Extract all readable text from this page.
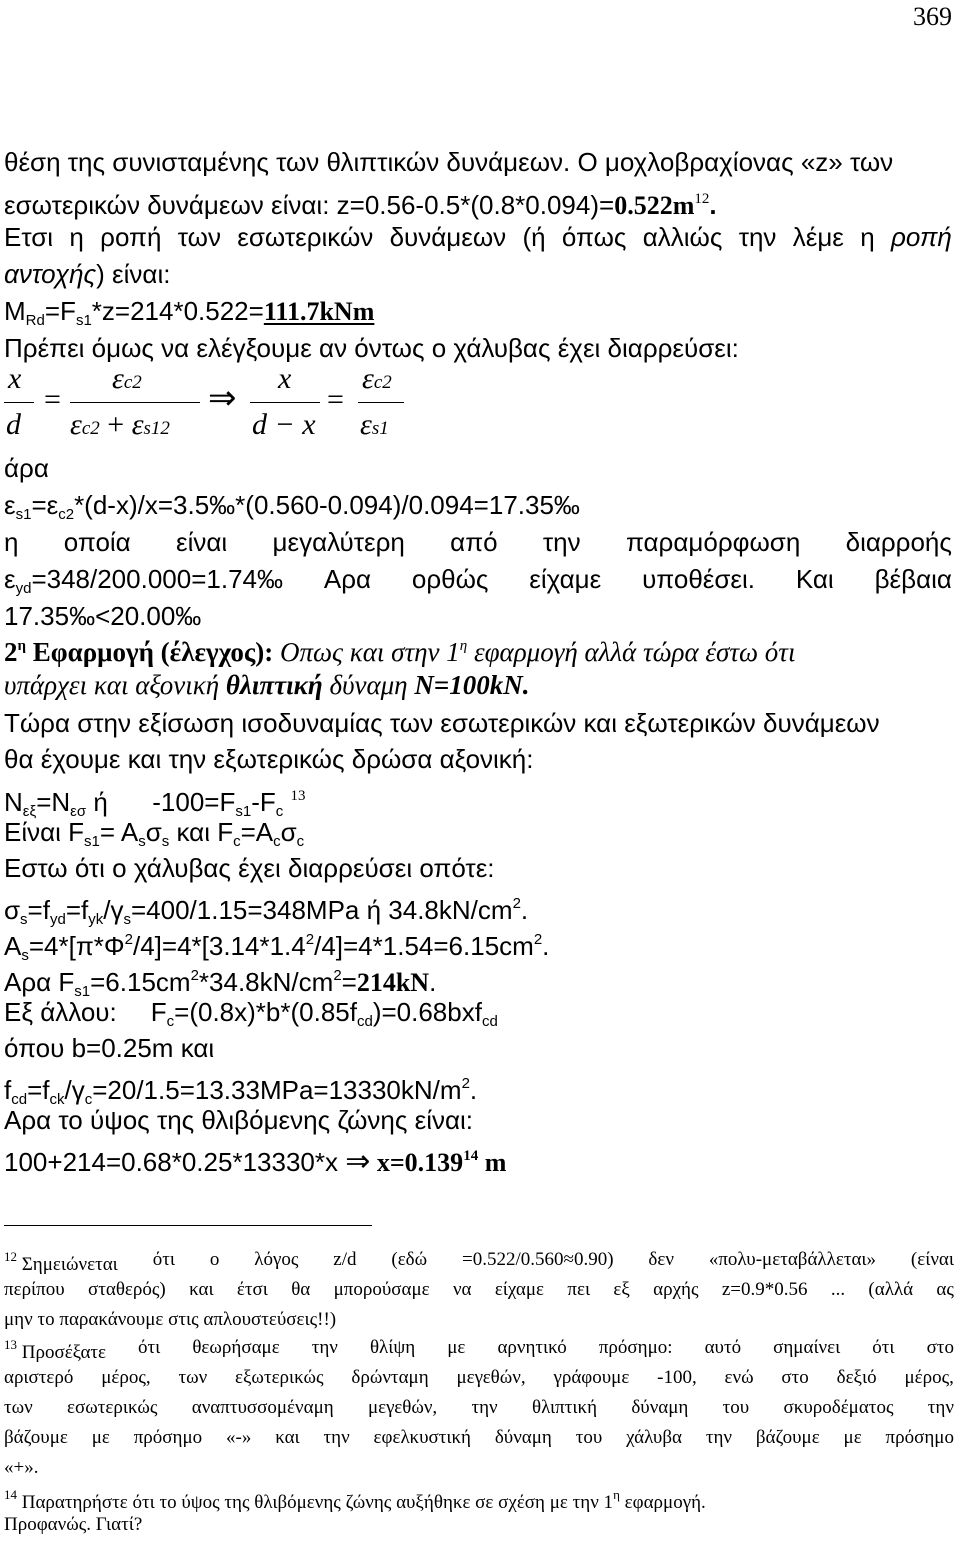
369
θέση της συνισταμένης των θλιπτικών δυνάμεων. Ο μοχλοβραχίονας «z» των
εσωτερικών δυνάμεων είναι: $z=0.56-0.5*(0.8*0.094)=0.522m^{12}$.
Ετσι η ροπή των εσωτερικών δυνάμεων (ή όπως αλλιώς την λέμε η ροπή
αντοχής) είναι:
$M_{Rd}=F_{s1}*z=214*0.522=111.7kNm$
Πρέπει όμως να ελέγξουμε αν όντως ο χάλυβας έχει διαρρεύσει:
x
d
=
εc2
εc2 + εs12
⇒
x
d − x
=
εc2
εs1
άρα
$\varepsilon_{s1}=\varepsilon_{c2}*(d-x)/x=3.5‰*(0.560-0.094)/0.094=17.35‰$
η οποία είναι μεγαλύτερη από την παραμόρφωση διαρροής
$\varepsilon_{yd}=348/200.000=1.74‰$ Αρα ορθώς είχαμε υποθέσει. Και βέβαια
17.35‰<20.00‰
$2^\eta$ Εφαρμογή (έλεγχος): Οπως και στην $1^\eta$ εφαρμογή αλλά τώρα έστω ότι
υπάρχει και αξονική θλιπτική δύναμη N=100kN.
Τώρα στην εξίσωση ισοδυναμίας των εσωτερικών και εξωτερικών δυνάμεων
θα έχουμε και την εξωτερικώς δρώσα αξονική:
$N_{\varepsilon\xi}=N_{\varepsilon\sigma}$ ή $-100=F_{s1}-F_c$ $^{13}$
Είναι $F_{s1}= A_s\sigma_s$ και $F_c=A_c\sigma_c$
Εστω ότι ο χάλυβας έχει διαρρεύσει οπότε:
$\sigma_s=f_{yd}=f_{yk}/\gamma_s=400/1.15=348MPa$ ή $34.8kN/cm^2$.
$A_s=4*[\pi*\Phi^2/4]=4*[3.14*1.4^2/4]=4*1.54=6.15cm^2$.
Αρα $F_{s1}=6.15cm^2*34.8kN/cm^2=214kN$.
Εξ άλλου: $F_c=(0.8x)*b*(0.85f_{cd})=0.68bxf_{cd}$
όπου b=0.25m και
$f_{cd}=f_{ck}/\gamma_c=20/1.5=13.33MPa=13330kN/m^2$.
Αρα το ύψος της θλιβόμενης ζώνης είναι:
100+214=0.68*0.25*13330*x ⇒ $x=0.139^{14}$ m
$^{12}$ Σημειώνεται ότι ο λόγος z/d (εδώ =0.522/0.560≈0.90) δεν «πολυ-μεταβάλλεται» (είναι
περίπου σταθερός) και έτσι θα μπορούσαμε να είχαμε πει εξ αρχής z=0.9*0.56 ... (αλλά ας
μην το παρακάνουμε στις απλουστεύσεις!!)
$^{13}$ Προσέξατε ότι θεωρήσαμε την θλίψη με αρνητικό πρόσημο: αυτό σημαίνει ότι στο
αριστερό μέρος, των εξωτερικώς δρώνταμη μεγεθών, γράφουμε -100, ενώ στο δεξιό μέρος,
των εσωτερικώς αναπτυσσομέναμη μεγεθών, την θλιπτική δύναμη του σκυροδέματος την
βάζουμε με πρόσημο «-» και την εφελκυστική δύναμη του χάλυβα την βάζουμε με πρόσημο
«+».
$^{14}$ Παρατηρήστε ότι το ύψος της θλιβόμενης ζώνης αυξήθηκε σε σχέση με την $1^\eta$ εφαρμογή.
Προφανώς. Γιατί?
